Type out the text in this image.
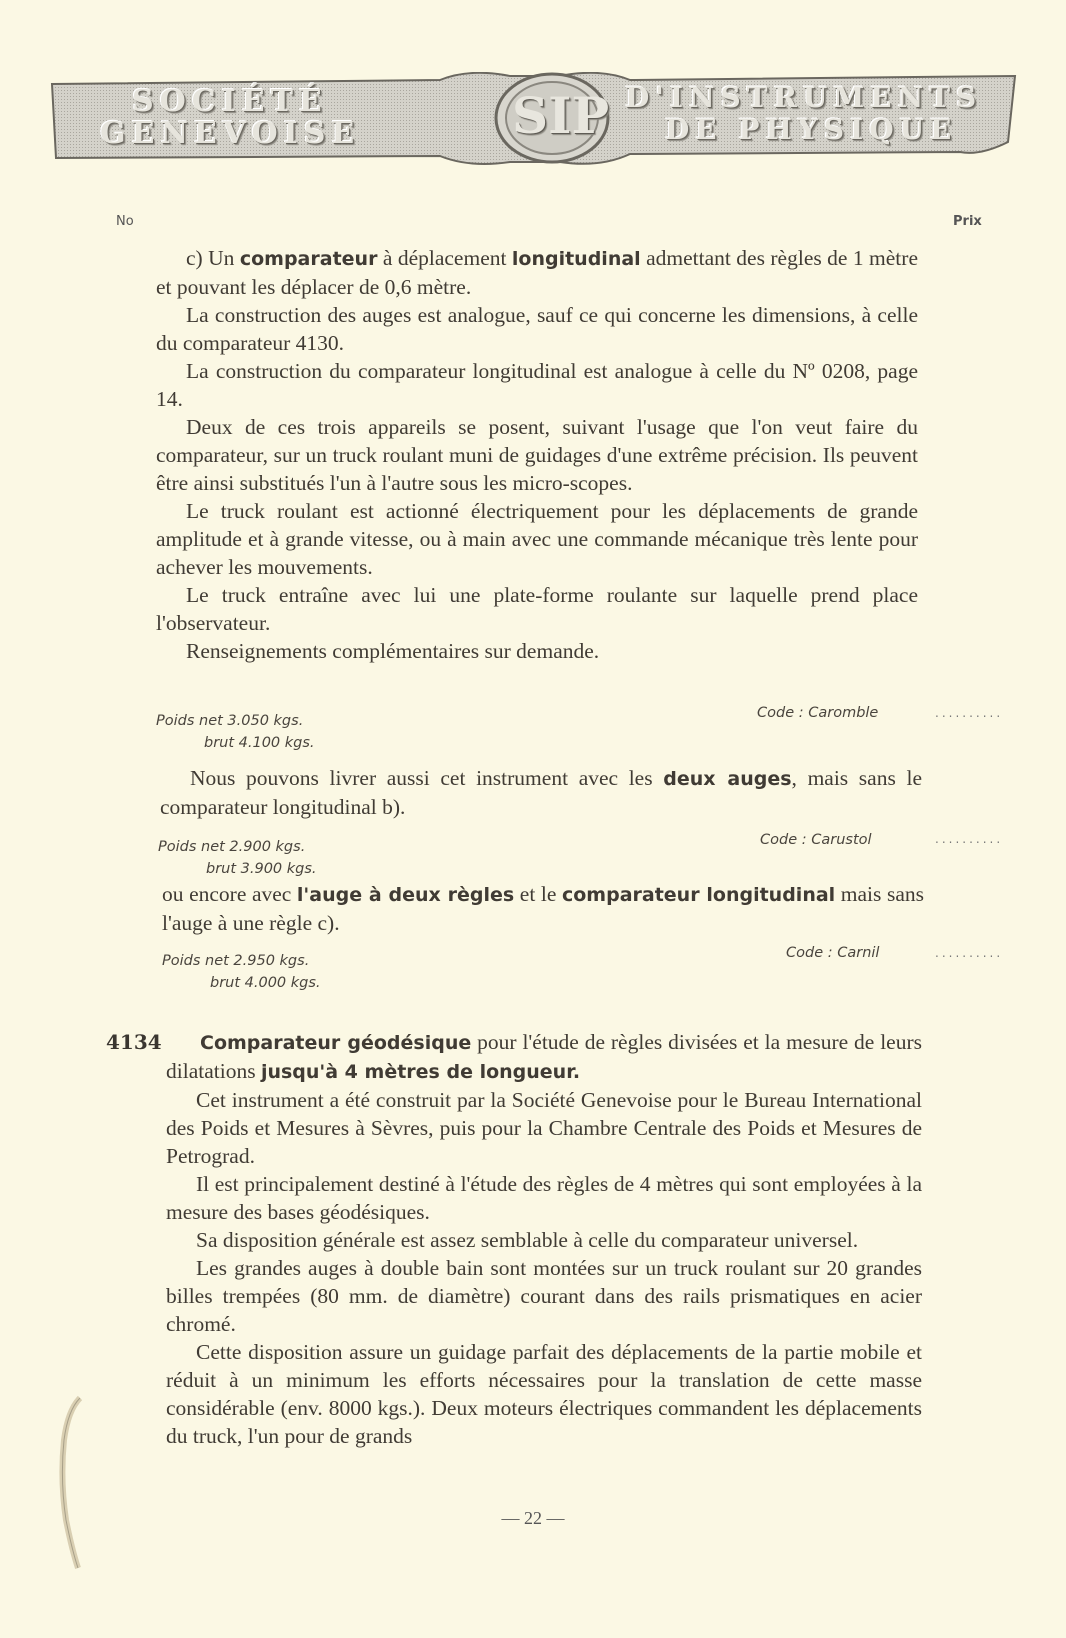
SOCIÉTÉ
GENEVOISE	SIP D'INSTRUMENTS
DE PHYSIQUE
No	Prix

c) Un comparateur à déplacement longitudinal admettant des règles de 1 mètre et pouvant les déplacer de 0,6 mètre.

La construction des auges est analogue, sauf ce qui concerne les dimensions, à celle du comparateur 4130.

La construction du comparateur longitudinal est analogue à celle du Nº 0208, page 14.

Deux de ces trois appareils se posent, suivant l'usage que l'on veut faire du comparateur, sur un truck roulant muni de guidages d'une extrême précision. Ils peuvent être ainsi substitués l'un à l'autre sous les micro-scopes.

Le truck roulant est actionné électriquement pour les déplacements de grande amplitude et à grande vitesse, ou à main avec une commande mécanique très lente pour achever les mouvements.

Le truck entraîne avec lui une plate-forme roulante sur laquelle prend place l'observateur.

Renseignements complémentaires sur demande.

Poids net 3.050 kgs.
brut 4.100 kgs.
Code : Caromble	..........

Nous pouvons livrer aussi cet instrument avec les deux auges, mais sans le comparateur longitudinal b).

Poids net 2.900 kgs.
brut 3.900 kgs.
Code : Carustol	..........

ou encore avec l'auge à deux règles et le comparateur longitudinal mais sans l'auge à une règle c).

Poids net 2.950 kgs.
brut 4.000 kgs.
Code : Carnil	..........
4134	Comparateur géodésique pour l'étude de règles divisées et la mesure de leurs dilatations jusqu'à 4 mètres de longueur.

Cet instrument a été construit par la Société Genevoise pour le Bureau International des Poids et Mesures à Sèvres, puis pour la Chambre Centrale des Poids et Mesures de Petrograd.

Il est principalement destiné à l'étude des règles de 4 mètres qui sont employées à la mesure des bases géodésiques.

Sa disposition générale est assez semblable à celle du comparateur universel.

Les grandes auges à double bain sont montées sur un truck roulant sur 20 grandes billes trempées (80 mm. de diamètre) courant dans des rails prismatiques en acier chromé.

Cette disposition assure un guidage parfait des déplacements de la partie mobile et réduit à un minimum les efforts nécessaires pour la translation de cette masse considérable (env. 8000 kgs.). Deux moteurs électriques commandent les déplacements du truck, l'un pour de grands

— 22 —
